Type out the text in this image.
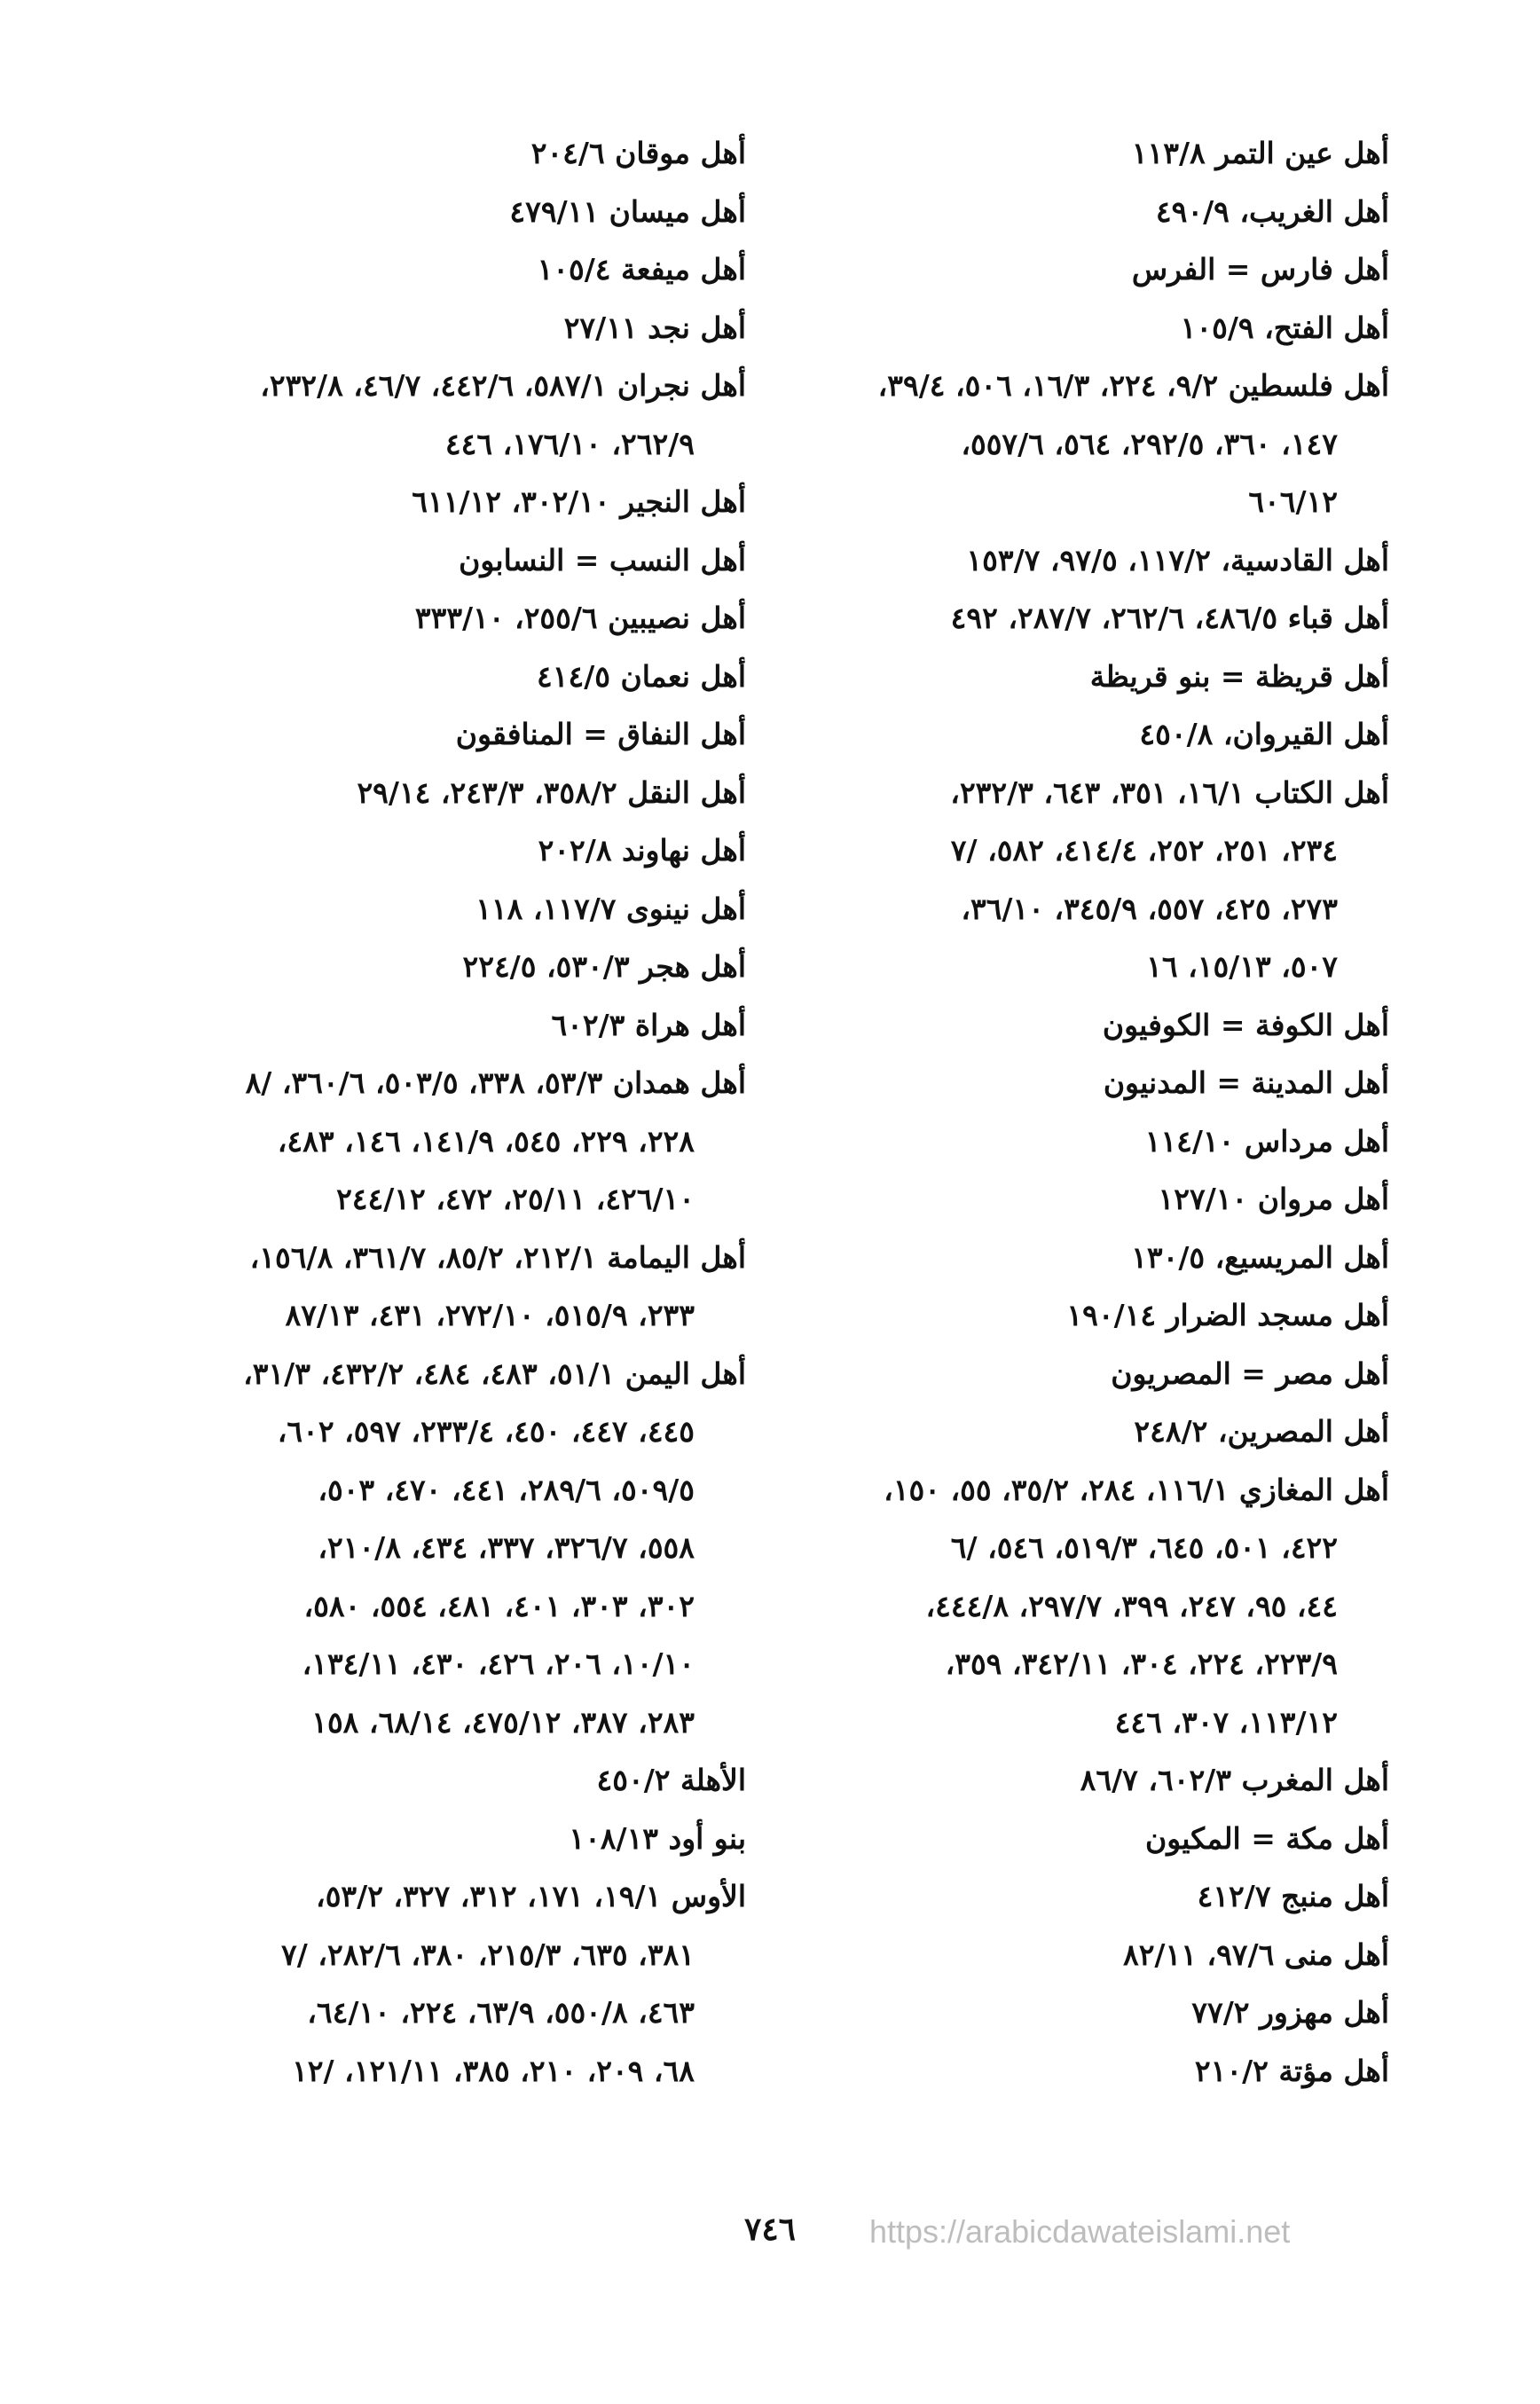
أهل عين التمر ١١٣/٨
أهل الغريب، ٤٩٠/٩
أهل فارس = الفرس
أهل الفتح، ١٠٥/٩
أهل فلسطين ٩/٢، ٢٢٤، ١٦/٣، ٥٠٦، ٣٩/٤،
١٤٧، ٣٦٠، ٢٩٢/٥، ٥٦٤، ٥٥٧/٦،
٦٠٦/١٢
أهل القادسية، ١١٧/٢، ٩٧/٥، ١٥٣/٧
أهل قباء ٤٨٦/٥، ٢٦٢/٦، ٢٨٧/٧، ٤٩٢
أهل قريظة = بنو قريظة
أهل القيروان، ٤٥٠/٨
أهل الكتاب ١٦/١، ٣٥١، ٦٤٣، ٢٣٢/٣،
٢٣٤، ٢٥١، ٢٥٢، ٤١٤/٤، ٥٨٢، /٧
٢٧٣، ٤٢٥، ٥٥٧، ٣٤٥/٩، ٣٦/١٠،
٥٠٧، ١٥/١٣، ١٦
أهل الكوفة = الكوفيون
أهل المدينة = المدنيون
أهل مرداس ١١٤/١٠
أهل مروان ١٢٧/١٠
أهل المريسيع، ١٣٠/٥
أهل مسجد الضرار ١٩٠/١٤
أهل مصر = المصريون
أهل المصرين، ٢٤٨/٢
أهل المغازي ١١٦/١، ٢٨٤، ٣٥/٢، ٥٥، ١٥٠،
٤٢٢، ٥٠١، ٦٤٥، ٥١٩/٣، ٥٤٦، /٦
٤٤، ٩٥، ٢٤٧، ٣٩٩، ٢٩٧/٧، ٤٤٤/٨،
٢٢٣/٩، ٢٢٤، ٣٠٤، ٣٤٢/١١، ٣٥٩،
١١٣/١٢، ٣٠٧، ٤٤٦
أهل المغرب ٦٠٢/٣، ٨٦/٧
أهل مكة = المكيون
أهل منبج ٤١٢/٧
أهل منى ٩٧/٦، ٨٢/١١
أهل مهزور ٧٧/٢
أهل مؤتة ٢١٠/٢
أهل موقان ٢٠٤/٦
أهل ميسان ٤٧٩/١١
أهل ميفعة ١٠٥/٤
أهل نجد ٢٧/١١
أهل نجران ٥٨٧/١، ٤٤٢/٦، ٤٦/٧، ٢٣٢/٨،
٢٦٢/٩، ١٧٦/١٠، ٤٤٦
أهل النجير ٣٠٢/١٠، ٦١١/١٢
أهل النسب = النسابون
أهل نصيبين ٢٥٥/٦، ٣٣٣/١٠
أهل نعمان ٤١٤/٥
أهل النفاق = المنافقون
أهل النقل ٣٥٨/٢، ٢٤٣/٣، ٢٩/١٤
أهل نهاوند ٢٠٢/٨
أهل نينوى ١١٧/٧، ١١٨
أهل هجر ٥٣٠/٣، ٢٢٤/٥
أهل هراة ٦٠٢/٣
أهل همدان ٥٣/٣، ٣٣٨، ٥٠٣/٥، ٣٦٠/٦، /٨
٢٢٨، ٢٢٩، ٥٤٥، ١٤١/٩، ١٤٦، ٤٨٣،
٤٢٦/١٠، ٢٥/١١، ٤٧٢، ٢٤٤/١٢
أهل اليمامة ٢١٢/١، ٨٥/٢، ٣٦١/٧، ١٥٦/٨،
٢٣٣، ٥١٥/٩، ٢٧٢/١٠، ٤٣١، ٨٧/١٣
أهل اليمن ٥١/١، ٤٨٣، ٤٨٤، ٤٣٢/٢، ٣١/٣،
٤٤٥، ٤٤٧، ٤٥٠، ٢٣٣/٤، ٥٩٧، ٦٠٢،
٥٠٩/٥، ٢٨٩/٦، ٤٤١، ٤٧٠، ٥٠٣،
٥٥٨، ٣٢٦/٧، ٣٣٧، ٤٣٤، ٢١٠/٨،
٣٠٢، ٣٠٣، ٤٠١، ٤٨١، ٥٥٤، ٥٨٠،
١٠/١٠، ٢٠٦، ٤٢٦، ٤٣٠، ١٣٤/١١،
٢٨٣، ٣٨٧، ٤٧٥/١٢، ٦٨/١٤، ١٥٨
الأهلة ٤٥٠/٢
بنو أود ١٠٨/١٣
الأوس ١٩/١، ١٧١، ٣١٢، ٣٢٧، ٥٣/٢،
٣٨١، ٦٣٥، ٢١٥/٣، ٣٨٠، ٢٨٢/٦، /٧
٤٦٣، ٥٥٠/٨، ٦٣/٩، ٢٢٤، ٦٤/١٠،
٦٨، ٢٠٩، ٢١٠، ٣٨٥، ١٢١/١١، /١٢
٧٤٦	https://arabicdawateislami.net
